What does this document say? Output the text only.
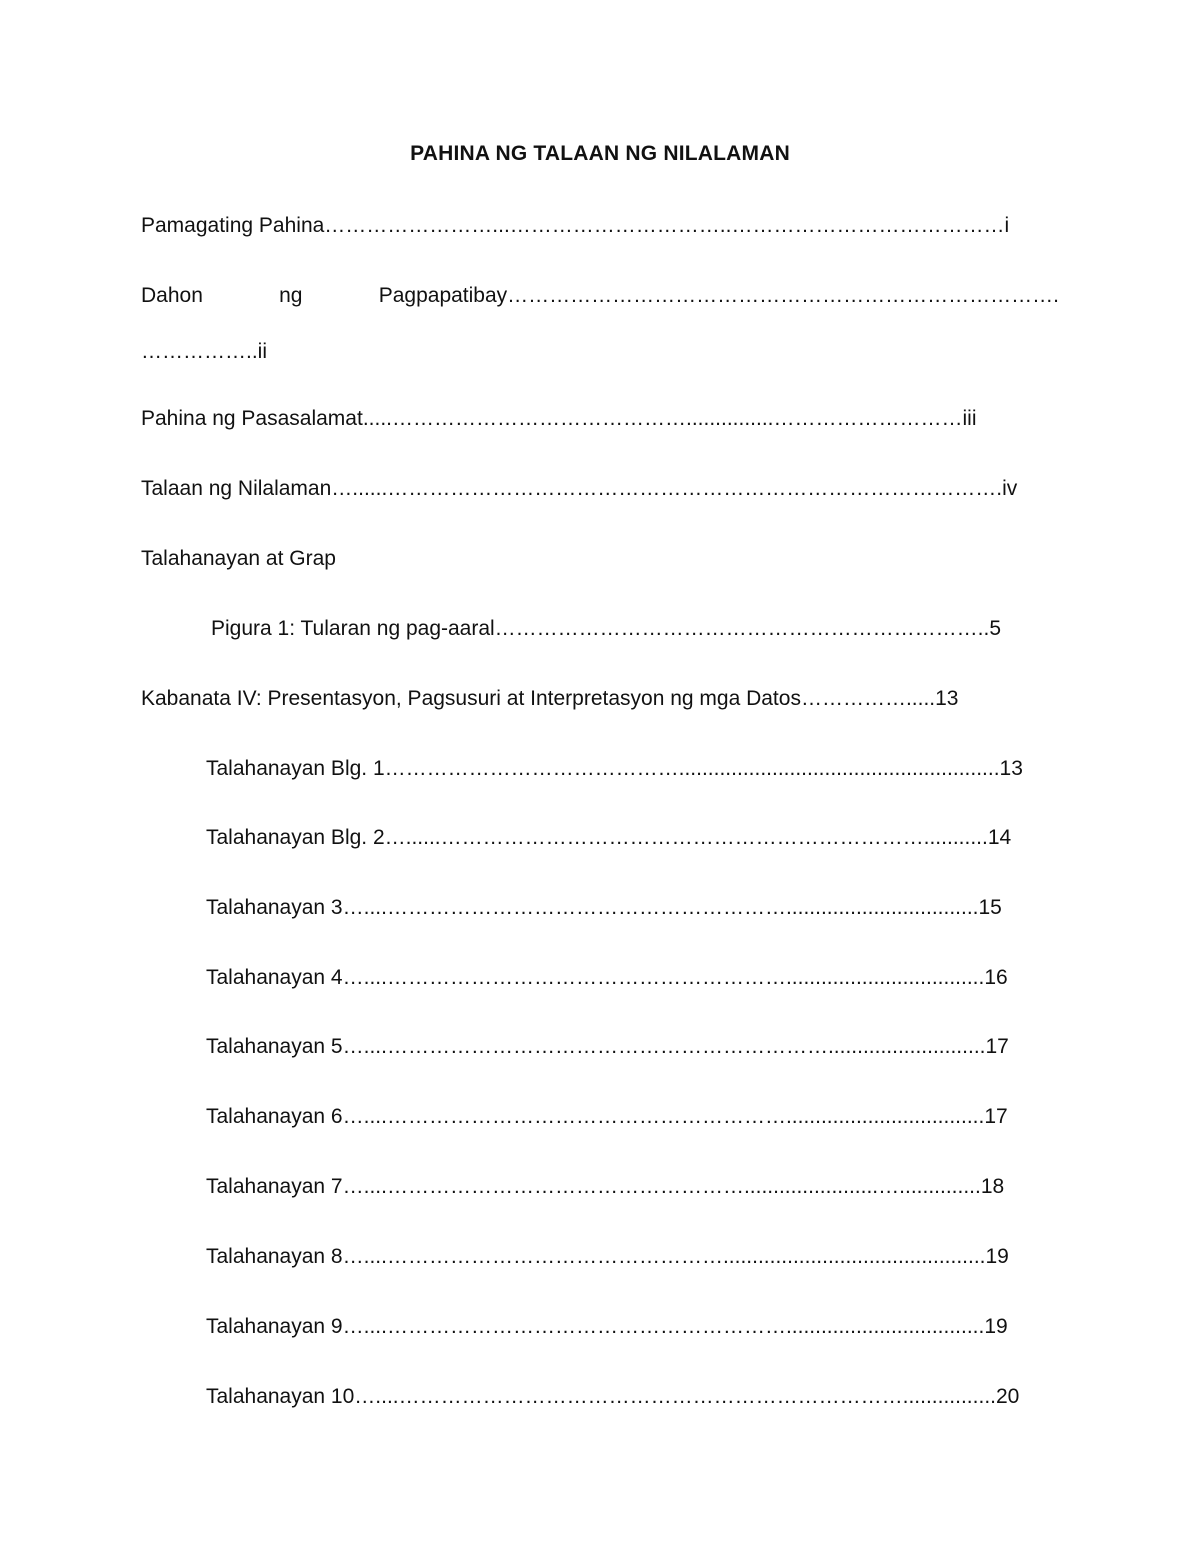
PAHINA NG TALAAN NG NILALAMAN
Pamagating Pahina……………………...…………………………..…………………………………i
Dahon	ng	Pagpapatibay…………………………………………………………………….
……………..ii
Pahina ng Pasasalamat.....……………………………………...............………………………iii
Talaan ng Nilalaman…......…………………………………………………………………………….iv
Talahanayan at Grap
Pigura 1: Tularan ng pag-aaral……………………………………………………………..5
Kabanata IV: Presentasyon, Pagsusuri at Interpretasyon ng mga Datos…………….....13
Talahanayan Blg. 1…………………………………….......................................................13
Talahanayan Blg. 2…......……………………………………………………………...........14
Talahanayan 3…....………………………………………………….................................15
Talahanayan 4…....…………………………………………………..................................16
Talahanayan 5…....………………………………………………………...........................17
Talahanayan 6…....…………………………………………………..................................17
Talahanayan 7…....…………………………………………….......................…..............18
Talahanayan 8…....………………………………………….............................................19
Talahanayan 9…....…………………………………………………..................................19
Talahanayan 10…....………………………………………………………………................20
